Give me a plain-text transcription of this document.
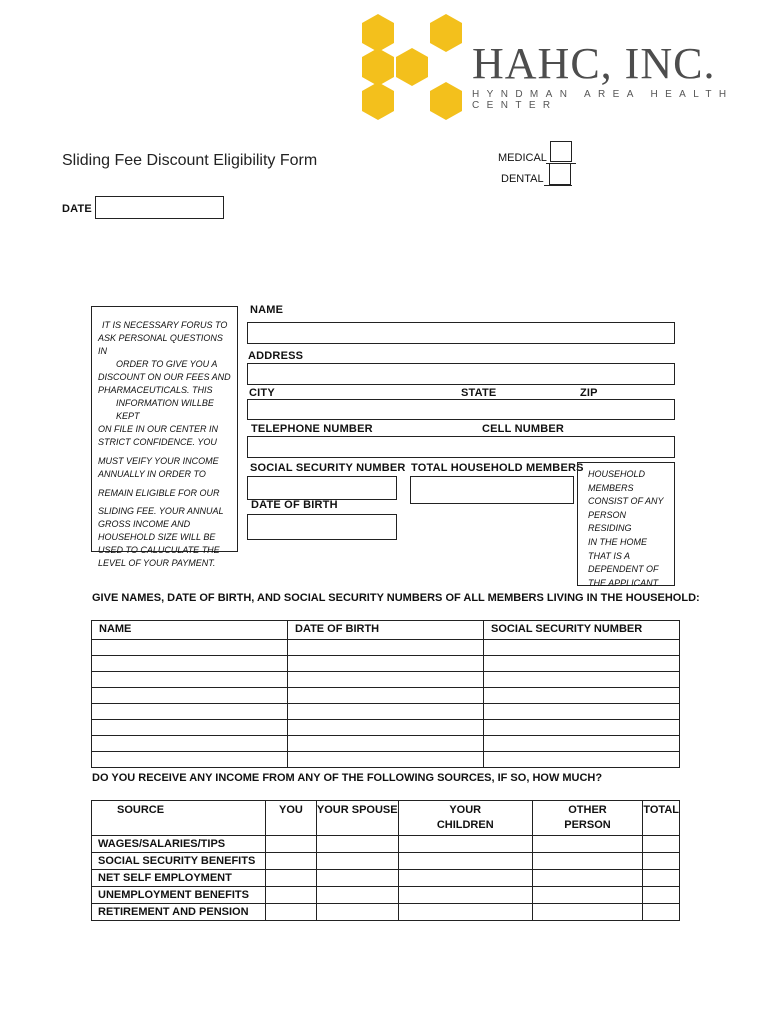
HAHC, INC.
HYNDMAN AREA HEALTH CENTER
Sliding Fee Discount Eligibility Form	MEDICAL
DENTAL
DATE

IT IS NECESSARY FORUS TO

ASK PERSONAL QUESTIONS IN

ORDER TO GIVE YOU A

DISCOUNT ON OUR FEES AND

PHARMACEUTICALS. THIS

INFORMATION WILLBE KEPT

ON FILE IN OUR CENTER IN

STRICT CONFIDENCE. YOU

MUST VEIFY YOUR INCOME

ANNUALLY IN ORDER TO

REMAIN ELIGIBLE FOR OUR

SLIDING FEE. YOUR ANNUAL

GROSS INCOME AND

HOUSEHOLD SIZE WILL BE

USED TO CALUCULATE THE

LEVEL OF YOUR PAYMENT.

NAME
ADDRESS
CITY	STATE	ZIP
TELEPHONE NUMBER	CELL NUMBER
SOCIAL SECURITY NUMBER TOTAL HOUSEHOLD MEMBERS
DATE OF BIRTH
HOUSEHOLD
MEMBERS
CONSIST OF ANY
PERSON RESIDING
IN THE HOME
THAT IS A
DEPENDENT OF
THE APPLICANT
GIVE NAMES, DATE OF BIRTH, AND SOCIAL SECURITY NUMBERS OF ALL MEMBERS LIVING IN THE HOUSEHOLD:
NAME	DATE OF BIRTH	SOCIAL SECURITY NUMBER

DO YOU RECEIVE ANY INCOME FROM ANY OF THE FOLLOWING SOURCES, IF SO, HOW MUCH?
SOURCE	YOU	YOUR SPOUSE	YOUR CHILDREN	OTHER PERSON	TOTAL
WAGES/SALARIES/TIPS					
SOCIAL SECURITY BENEFITS					
NET SELF EMPLOYMENT					
UNEMPLOYMENT BENEFITS					
RETIREMENT AND PENSION					
